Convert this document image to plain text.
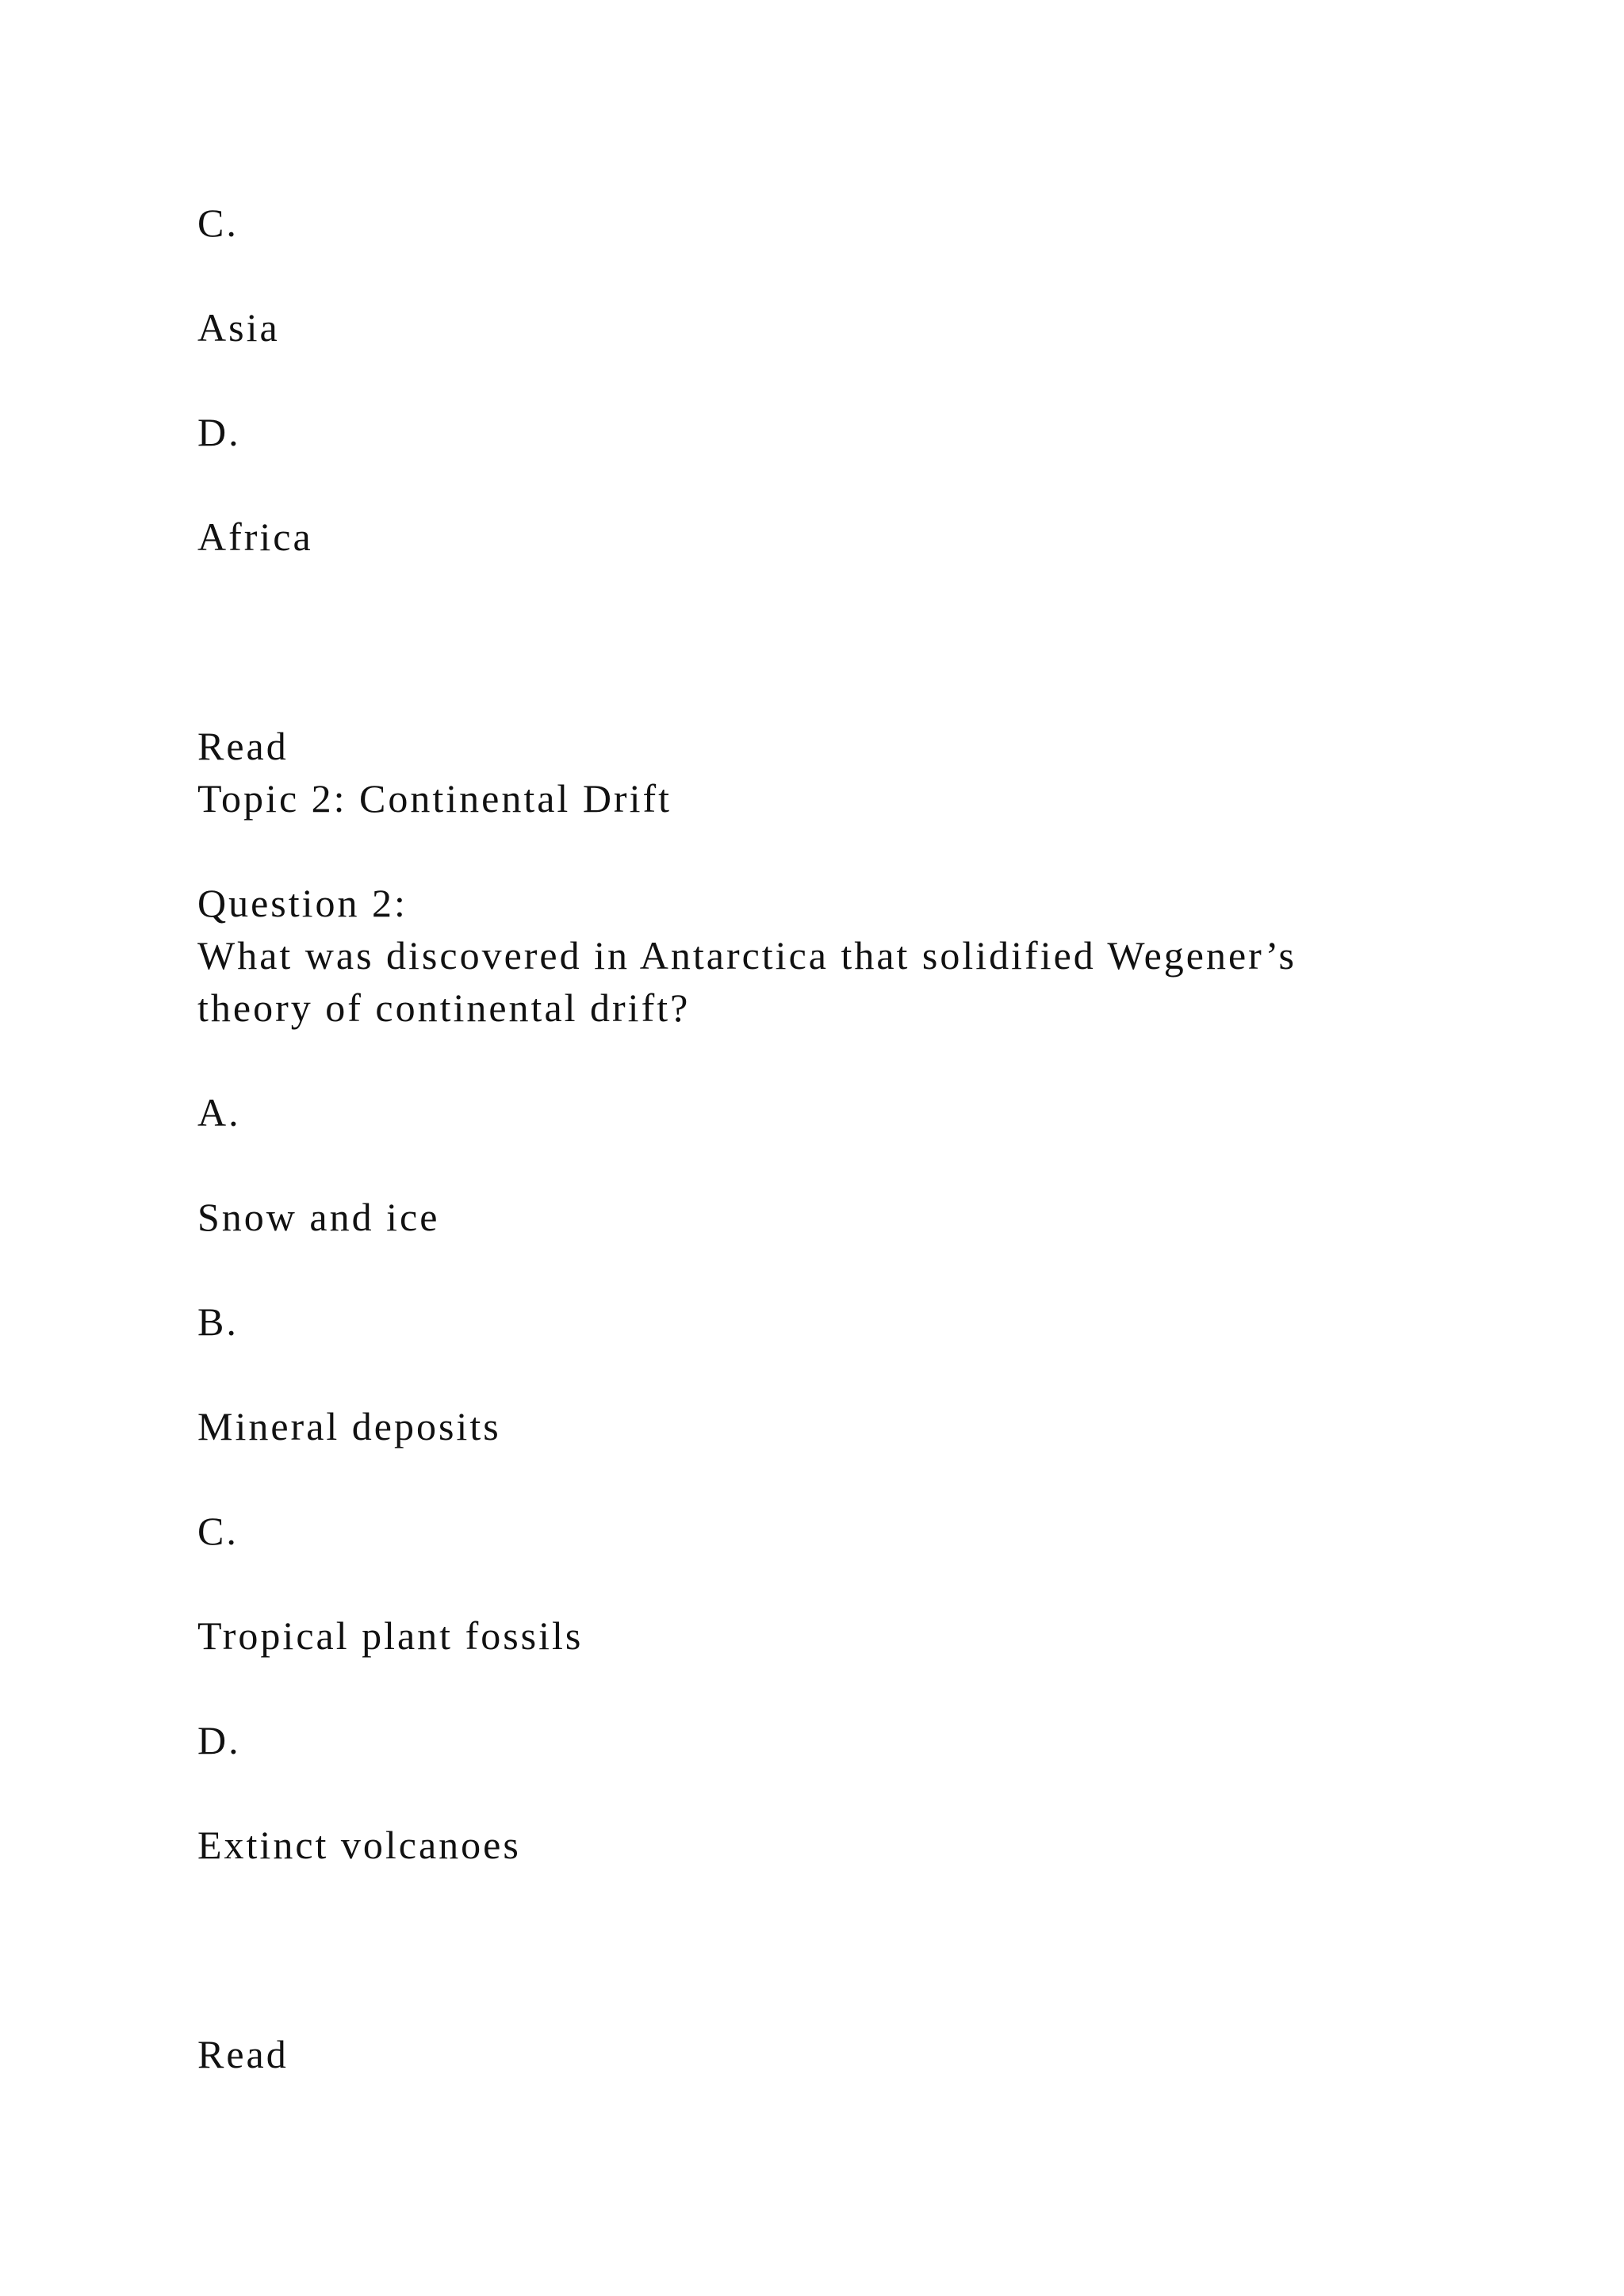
C.

Asia

D.

Africa

Read

Topic 2: Continental Drift

Question 2:

What was discovered in Antarctica that solidified Wegener’s

theory of continental drift?

A.

Snow and ice

B.

Mineral deposits

C.

Tropical plant fossils

D.

Extinct volcanoes

Read
